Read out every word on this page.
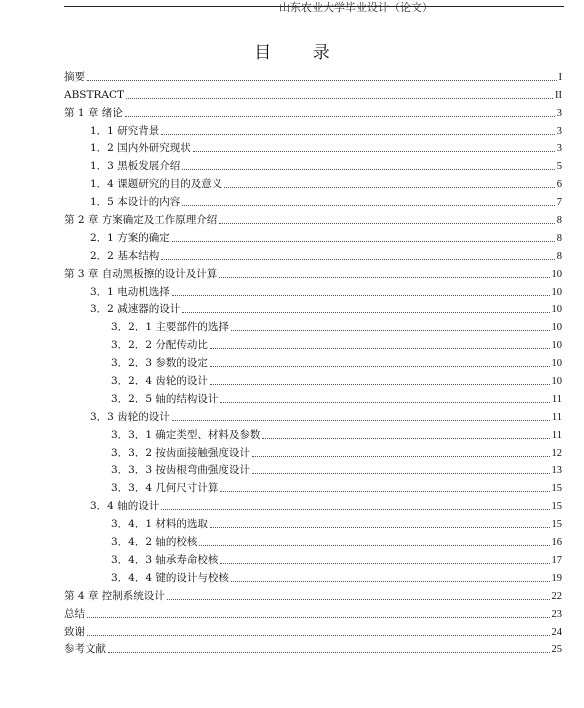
山东农业大学毕业设计（论文）
目 录
摘要	I
ABSTRACT	II
第 1 章 绪论	3
1．1 研究背景	3
1．2 国内外研究现状	3
1．3 黑板发展介绍	5
1．4 课题研究的目的及意义	6
1．5 本设计的内容	7
第 2 章 方案确定及工作原理介绍	8
2．1 方案的确定	8
2．2 基本结构	8
第 3 章 自动黑板擦的设计及计算	10
3．1 电动机选择	10
3．2 减速器的设计	10
3．2．1 主要部件的选择	10
3．2．2 分配传动比	10
3．2．3 参数的设定	10
3．2．4 齿轮的设计	10
3．2．5 轴的结构设计	11
3．3 齿轮的设计	11
3．3．1 确定类型、材料及参数	11
3．3．2 按齿面接触强度设计	12
3．3．3 按齿根弯曲强度设计	13
3．3．4 几何尺寸计算	15
3．4 轴的设计	15
3．4．1 材料的选取	15
3．4．2 轴的校核	16
3．4．3 轴承寿命校核	17
3．4．4 键的设计与校核	19
第 4 章 控制系统设计	22
总结	23
致谢	24
参考文献	25
